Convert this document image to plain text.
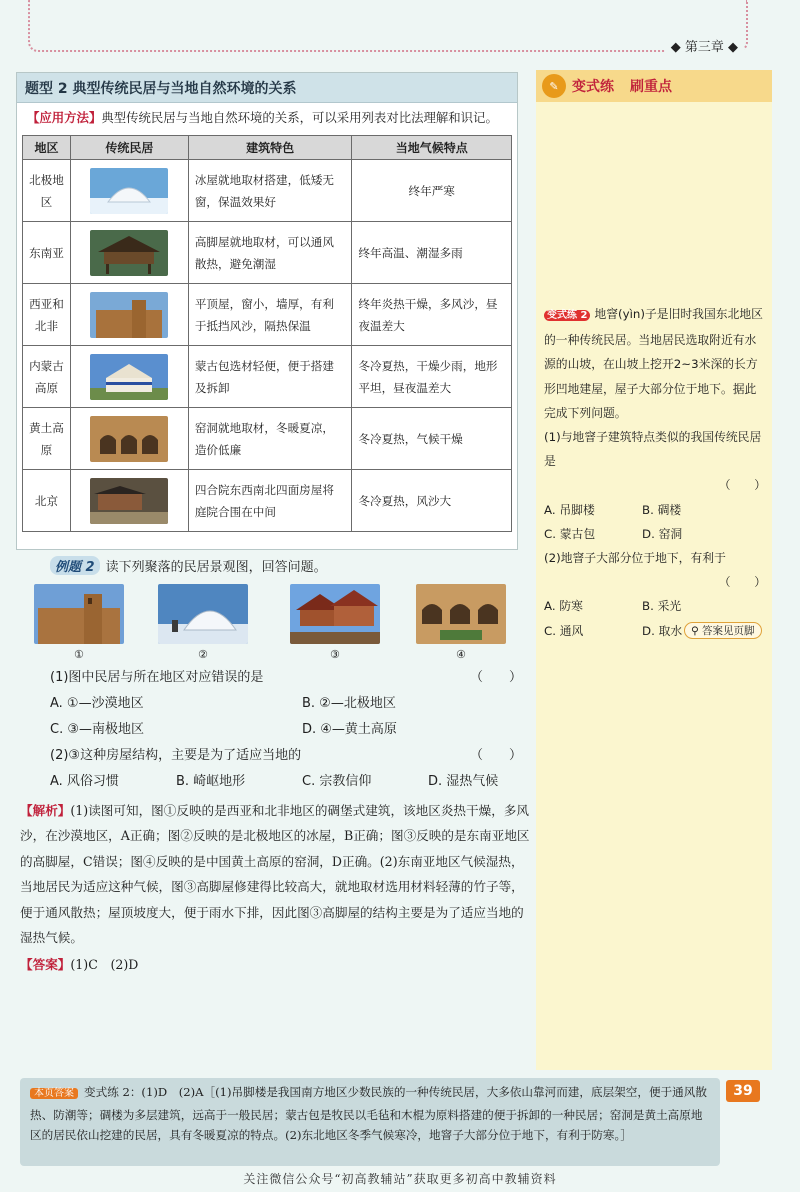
◆ 第三章 ◆
题型 2 典型传统民居与当地自然环境的关系
【应用方法】典型传统民居与当地自然环境的关系，可以采用列表对比法理解和识记。
地区	传统民居	建筑特色	当地气候特点
北极地区		冰屋就地取材搭建，低矮无窗，保温效果好	终年严寒
东南亚		高脚屋就地取材，可以通风散热，避免潮湿	终年高温、潮湿多雨
西亚和北非		平顶屋，窗小，墙厚，有利于抵挡风沙，隔热保温	终年炎热干燥，多风沙，昼夜温差大
内蒙古高原		蒙古包选材轻便，便于搭建及拆卸	冬冷夏热，干燥少雨，地形平坦，昼夜温差大
黄土高原		窑洞就地取材，冬暖夏凉，造价低廉	冬冷夏热，气候干燥
北京		四合院东西南北四面房屋将庭院合围在中间	冬冷夏热，风沙大
例题 2 读下列聚落的民居景观图，回答问题。
①	②	③	④
(1)图中民居与所在地区对应错误的是	（　　）
A. ①—沙漠地区	B. ②—北极地区
C. ③—南极地区	D. ④—黄土高原
(2)③这种房屋结构，主要是为了适应当地的	（　　）
A. 风俗习惯	B. 崎岖地形	C. 宗教信仰	D. 湿热气候
【解析】(1)读图可知，图①反映的是西亚和北非地区的碉堡式建筑，该地区炎热干燥，多风沙，在沙漠地区，A正确；图②反映的是北极地区的冰屋，B正确；图③反映的是东南亚地区的高脚屋，C错误；图④反映的是中国黄土高原的窑洞，D正确。(2)东南亚地区气候湿热，当地居民为适应这种气候，图③高脚屋修建得比较高大，就地取材选用材料轻薄的竹子等，便于通风散热；屋顶坡度大，便于雨水下排，因此图③高脚屋的结构主要是为了适应当地的湿热气候。
【答案】(1)C　(2)D
✎ 变式练 刷重点
变式练 2 地窨(yìn)子是旧时我国东北地区的一种传统民居。当地居民选取附近有水源的山坡，在山坡上挖开2~3米深的长方形凹地建屋，屋子大部分位于地下。据此完成下列问题。
(1)与地窨子建筑特点类似的我国传统民居是
（　　）
A. 吊脚楼	B. 碉楼
C. 蒙古包	D. 窑洞
(2)地窨子大部分位于地下，有利于
（　　）
A. 防寒	B. 采光
C. 通风	D. 取水 ⚲ 答案见页脚
本页答案 变式练 2：(1)D　(2)A［(1)吊脚楼是我国南方地区少数民族的一种传统民居，大多依山靠河而建，底层架空，便于通风散热、防潮等；碉楼为多层建筑，远高于一般民居；蒙古包是牧民以毛毡和木棍为原料搭建的便于拆卸的一种民居；窑洞是黄土高原地区的居民依山挖建的民居，具有冬暖夏凉的特点。(2)东北地区冬季气候寒冷，地窨子大部分位于地下，有利于防寒。］
39
关注微信公众号“初高教辅站”获取更多初高中教辅资料
